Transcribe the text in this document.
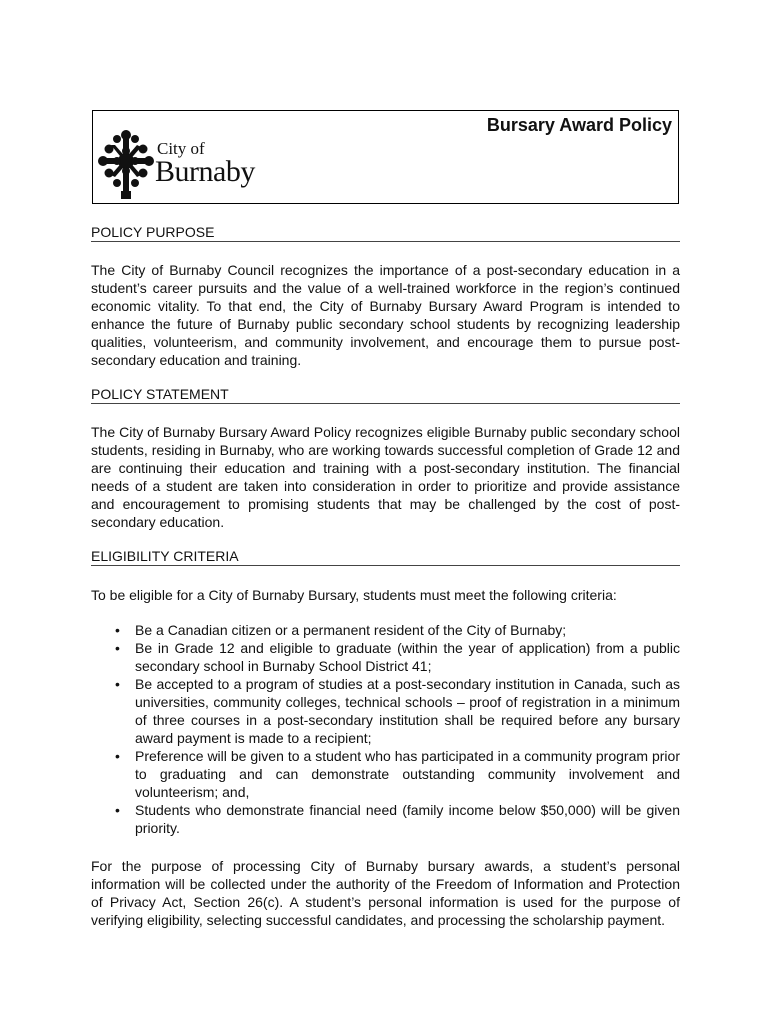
Bursary Award Policy
City of
Burnaby
POLICY PURPOSE

The City of Burnaby Council recognizes the importance of a post-secondary education in a student’s career pursuits and the value of a well-trained workforce in the region’s continued economic vitality. To that end, the City of Burnaby Bursary Award Program is intended to enhance the future of Burnaby public secondary school students by recognizing leadership qualities, volunteerism, and community involvement, and encourage them to pursue post-secondary education and training.

POLICY STATEMENT

The City of Burnaby Bursary Award Policy recognizes eligible Burnaby public secondary school students, residing in Burnaby, who are working towards successful completion of Grade 12 and are continuing their education and training with a post-secondary institution. The financial needs of a student are taken into consideration in order to prioritize and provide assistance and encouragement to promising students that may be challenged by the cost of post-secondary education.

ELIGIBILITY CRITERIA

To be eligible for a City of Burnaby Bursary, students must meet the following criteria:

• Be a Canadian citizen or a permanent resident of the City of Burnaby;
• Be in Grade 12 and eligible to graduate (within the year of application) from a public secondary school in Burnaby School District 41;
• Be accepted to a program of studies at a post-secondary institution in Canada, such as universities, community colleges, technical schools – proof of registration in a minimum of three courses in a post-secondary institution shall be required before any bursary award payment is made to a recipient;
• Preference will be given to a student who has participated in a community program prior to graduating and can demonstrate outstanding community involvement and volunteerism; and,
• Students who demonstrate financial need (family income below $50,000) will be given priority.

For the purpose of processing City of Burnaby bursary awards, a student’s personal information will be collected under the authority of the Freedom of Information and Protection of Privacy Act, Section 26(c). A student’s personal information is used for the purpose of verifying eligibility, selecting successful candidates, and processing the scholarship payment.
